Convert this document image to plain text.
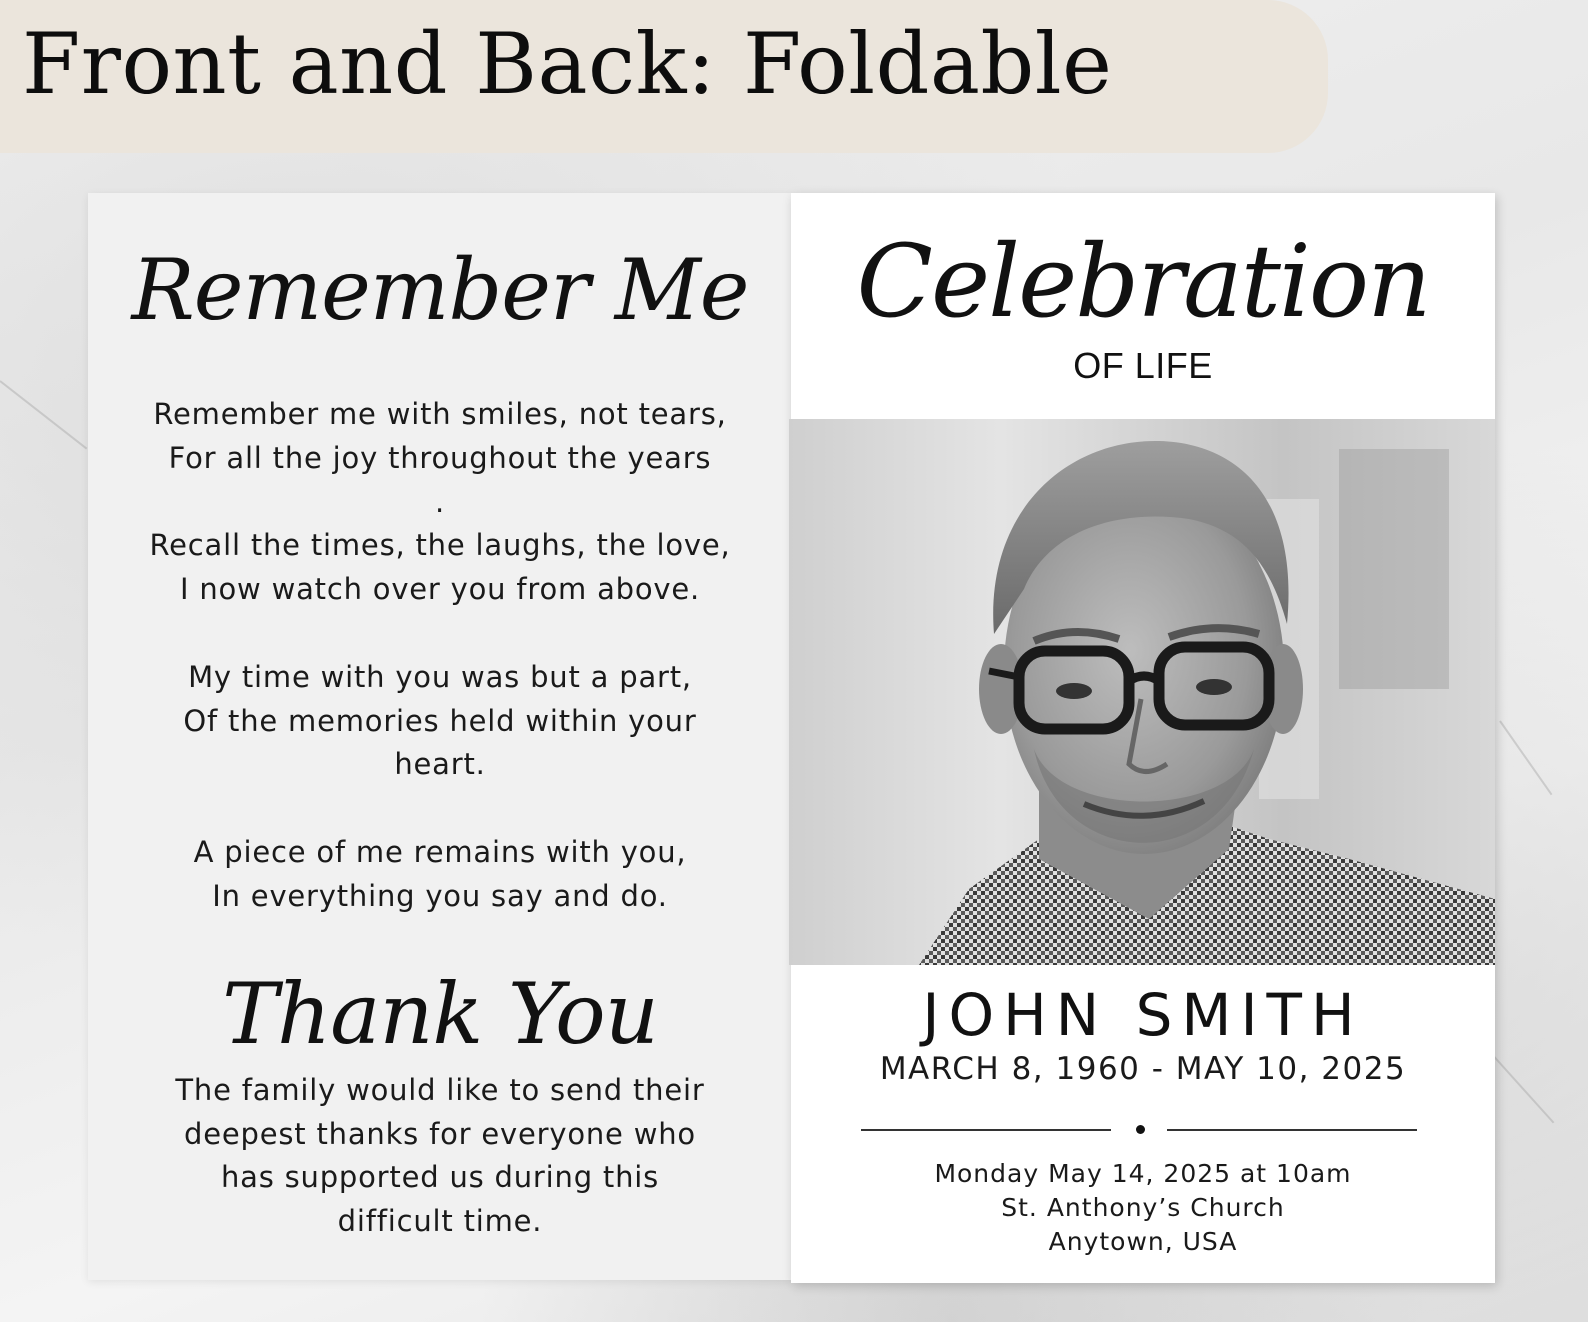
Front and Back: Foldable
Remember Me
Remember me with smiles, not tears,
For all the joy throughout the years
.
Recall the times, the laughs, the love,
I now watch over you from above.
My time with you was but a part,
Of the memories held within your
heart.
A piece of me remains with you,
In everything you say and do.
Thank You
The family would like to send their
deepest thanks for everyone who
has supported us during this
difficult time.
Celebration
OF LIFE
JOHN SMITH
MARCH 8, 1960 - MAY 10, 2025
Monday May 14, 2025 at 10am
St. Anthony’s Church
Anytown, USA
